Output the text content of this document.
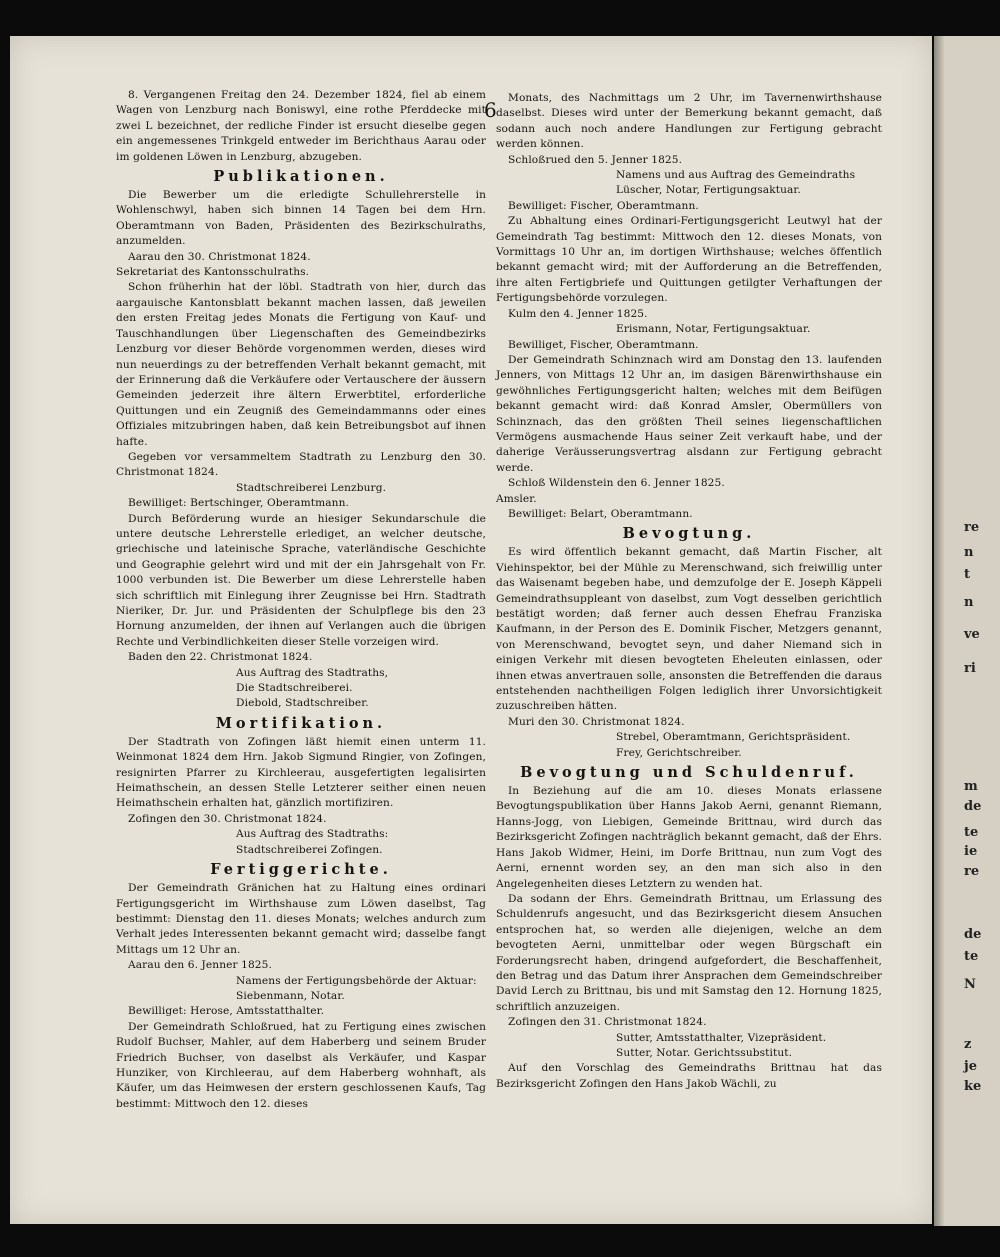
6
re
n
t
n
ve
ri
m
de
te
ie
re
de
te
N
z
je
ke

8. Vergangenen Freitag den 24. Dezember 1824, fiel ab einem Wagen von Lenzburg nach Boniswyl, eine rothe Pferddecke mit zwei L bezeichnet, der redliche Finder ist ersucht dieselbe gegen ein angemessenes Trinkgeld entweder im Berichthaus Aarau oder im goldenen Löwen in Lenzburg, abzugeben.

Publikationen.

Die Bewerber um die erledigte Schullehrerstelle in Wohlenschwyl, haben sich binnen 14 Tagen bei dem Hrn. Oberamtmann von Baden, Präsidenten des Bezirkschulraths, anzumelden.

Aarau den 30. Christmonat 1824.

Sekretariat des Kantonsschulraths.

Schon früherhin hat der löbl. Stadtrath von hier, durch das aargauische Kantonsblatt bekannt machen lassen, daß jeweilen den ersten Freitag jedes Monats die Fertigung von Kauf- und Tauschhandlungen über Liegenschaften des Gemeindbezirks Lenzburg vor dieser Behörde vorgenommen werden, dieses wird nun neuerdings zu der betreffenden Verhalt bekannt gemacht, mit der Erinnerung daß die Verkäufere oder Vertauschere der äussern Gemeinden jederzeit ihre ältern Erwerbtitel, erforderliche Quittungen und ein Zeugniß des Gemeindammanns oder eines Offiziales mitzubringen haben, daß kein Betreibungsbot auf ihnen hafte.

Gegeben vor versammeltem Stadtrath zu Lenzburg den 30. Christmonat 1824.

Stadtschreiberei Lenzburg.

Bewilliget: Bertschinger, Oberamtmann.

Durch Beförderung wurde an hiesiger Sekundarschule die untere deutsche Lehrerstelle erlediget, an welcher deutsche, griechische und lateinische Sprache, vaterländische Geschichte und Geographie gelehrt wird und mit der ein Jahrsgehalt von Fr. 1000 verbunden ist. Die Bewerber um diese Lehrerstelle haben sich schriftlich mit Einlegung ihrer Zeugnisse bei Hrn. Stadtrath Nieriker, Dr. Jur. und Präsidenten der Schulpflege bis den 23 Hornung anzumelden, der ihnen auf Verlangen auch die übrigen Rechte und Verbindlichkeiten dieser Stelle vorzeigen wird.

Baden den 22. Christmonat 1824.

Aus Auftrag des Stadtraths,

Die Stadtschreiberei.

Diebold, Stadtschreiber.

Mortifikation.

Der Stadtrath von Zofingen läßt hiemit einen unterm 11. Weinmonat 1824 dem Hrn. Jakob Sigmund Ringier, von Zofingen, resignirten Pfarrer zu Kirchleerau, ausgefertigten legalisirten Heimathschein, an dessen Stelle Letzterer seither einen neuen Heimathschein erhalten hat, gänzlich mortifiziren.

Zofingen den 30. Christmonat 1824.

Aus Auftrag des Stadtraths:

Stadtschreiberei Zofingen.

Fertiggerichte.

Der Gemeindrath Gränichen hat zu Haltung eines ordinari Fertigungsgericht im Wirthshause zum Löwen daselbst, Tag bestimmt: Dienstag den 11. dieses Monats; welches andurch zum Verhalt jedes Interessenten bekannt gemacht wird; dasselbe fangt Mittags um 12 Uhr an.

Aarau den 6. Jenner 1825.

Namens der Fertigungsbehörde der Aktuar:

Siebenmann, Notar.

Bewilliget: Herose, Amtsstatthalter.

Der Gemeindrath Schloßrued, hat zu Fertigung eines zwischen Rudolf Buchser, Mahler, auf dem Haberberg und seinem Bruder Friedrich Buchser, von daselbst als Verkäufer, und Kaspar Hunziker, von Kirchleerau, auf dem Haberberg wohnhaft, als Käufer, um das Heimwesen der erstern geschlossenen Kaufs, Tag bestimmt: Mittwoch den 12. dieses

Monats, des Nachmittags um 2 Uhr, im Tavernenwirthshause daselbst. Dieses wird unter der Bemerkung bekannt gemacht, daß sodann auch noch andere Handlungen zur Fertigung gebracht werden können.

Schloßrued den 5. Jenner 1825.

Namens und aus Auftrag des Gemeindraths

Lüscher, Notar, Fertigungsaktuar.

Bewilliget: Fischer, Oberamtmann.

Zu Abhaltung eines Ordinari-Fertigungsgericht Leutwyl hat der Gemeindrath Tag bestimmt: Mittwoch den 12. dieses Monats, von Vormittags 10 Uhr an, im dortigen Wirthshause; welches öffentlich bekannt gemacht wird; mit der Aufforderung an die Betreffenden, ihre alten Fertigbriefe und Quittungen getilgter Verhaftungen der Fertigungsbehörde vorzulegen.

Kulm den 4. Jenner 1825.

Erismann, Notar, Fertigungsaktuar.

Bewilliget, Fischer, Oberamtmann.

Der Gemeindrath Schinznach wird am Donstag den 13. laufenden Jenners, von Mittags 12 Uhr an, im dasigen Bärenwirthshause ein gewöhnliches Fertigungsgericht halten; welches mit dem Beifügen bekannt gemacht wird: daß Konrad Amsler, Obermüllers von Schinznach, das den größten Theil seines liegenschaftlichen Vermögens ausmachende Haus seiner Zeit verkauft habe, und der daherige Veräusserungsvertrag alsdann zur Fertigung gebracht werde.

Schloß Wildenstein den 6. Jenner 1825.

Amsler.

Bewilliget: Belart, Oberamtmann.

Bevogtung.

Es wird öffentlich bekannt gemacht, daß Martin Fischer, alt Viehinspektor, bei der Mühle zu Merenschwand, sich freiwillig unter das Waisenamt begeben habe, und demzufolge der E. Joseph Käppeli Gemeindrathsuppleant von daselbst, zum Vogt desselben gerichtlich bestätigt worden; daß ferner auch dessen Ehefrau Franziska Kaufmann, in der Person des E. Dominik Fischer, Metzgers genannt, von Merenschwand, bevogtet seyn, und daher Niemand sich in einigen Verkehr mit diesen bevogteten Eheleuten einlassen, oder ihnen etwas anvertrauen solle, ansonsten die Betreffenden die daraus entstehenden nachtheiligen Folgen lediglich ihrer Unvorsichtigkeit zuzuschreiben hätten.

Muri den 30. Christmonat 1824.

Strebel, Oberamtmann, Gerichtspräsident.

Frey, Gerichtschreiber.

Bevogtung und Schuldenruf.

In Beziehung auf die am 10. dieses Monats erlassene Bevogtungspublikation über Hanns Jakob Aerni, genannt Riemann, Hanns-Jogg, von Liebigen, Gemeinde Brittnau, wird durch das Bezirksgericht Zofingen nachträglich bekannt gemacht, daß der Ehrs. Hans Jakob Widmer, Heini, im Dorfe Brittnau, nun zum Vogt des Aerni, ernennt worden sey, an den man sich also in den Angelegenheiten dieses Letztern zu wenden hat.

Da sodann der Ehrs. Gemeindrath Brittnau, um Erlassung des Schuldenrufs angesucht, und das Bezirksgericht diesem Ansuchen entsprochen hat, so werden alle diejenigen, welche an dem bevogteten Aerni, unmittelbar oder wegen Bürgschaft ein Forderungsrecht haben, dringend aufgefordert, die Beschaffenheit, den Betrag und das Datum ihrer Ansprachen dem Gemeindschreiber David Lerch zu Brittnau, bis und mit Samstag den 12. Hornung 1825, schriftlich anzuzeigen.

Zofingen den 31. Christmonat 1824.

Sutter, Amtsstatthalter, Vizepräsident.

Sutter, Notar. Gerichtssubstitut.

Auf den Vorschlag des Gemeindraths Brittnau hat das Bezirksgericht Zofingen den Hans Jakob Wächli, zu
